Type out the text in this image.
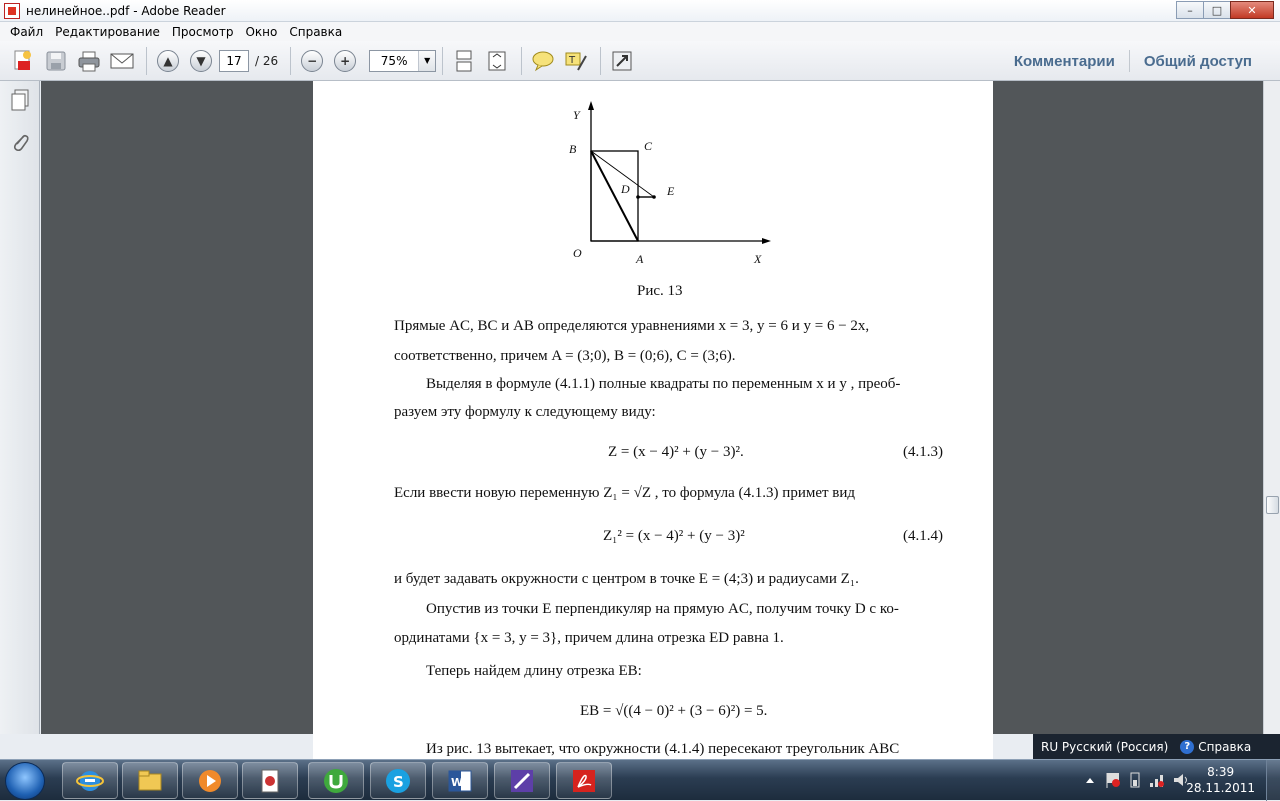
нелинейное..pdf - Adobe Reader	–	□	✕
Файл	Редактирование	Просмотр	Окно	Справка
▲	▼	17	/ 26	−	+	75%	▼	T	Комментарии	Общий доступ
Y
B	C
D	E
O	A	X
Рис. 13
Прямые AC, BC и AB определяются уравнениями x = 3, y = 6 и y = 6 − 2x,
соответственно, причем A = (3;0), B = (0;6), C = (3;6).
Выделяя в формуле (4.1.1) полные квадраты по переменным x и y , преоб-
разуем эту формулу к следующему виду:
Z = (x − 4)² + (y − 3)².	(4.1.3)
Если ввести новую переменную Z₁ = √Z , то формула (4.1.3) примет вид
Z₁² = (x − 4)² + (y − 3)²	(4.1.4)
и будет задавать окружности с центром в точке E = (4;3) и радиусами Z₁.
Опустив из точки E перпендикуляр на прямую AC, получим точку D с ко-
ординатами {x = 3, y = 3}, причем длина отрезка ED равна 1.
Теперь найдем длину отрезка EB:
EB = √((4 − 0)² + (3 − 6)²) = 5.
Из рис. 13 вытекает, что окружности (4.1.4) пересекают треугольник ABC	RU Русский (Россия)	? Справка
S	W
8:39
28.11.2011
